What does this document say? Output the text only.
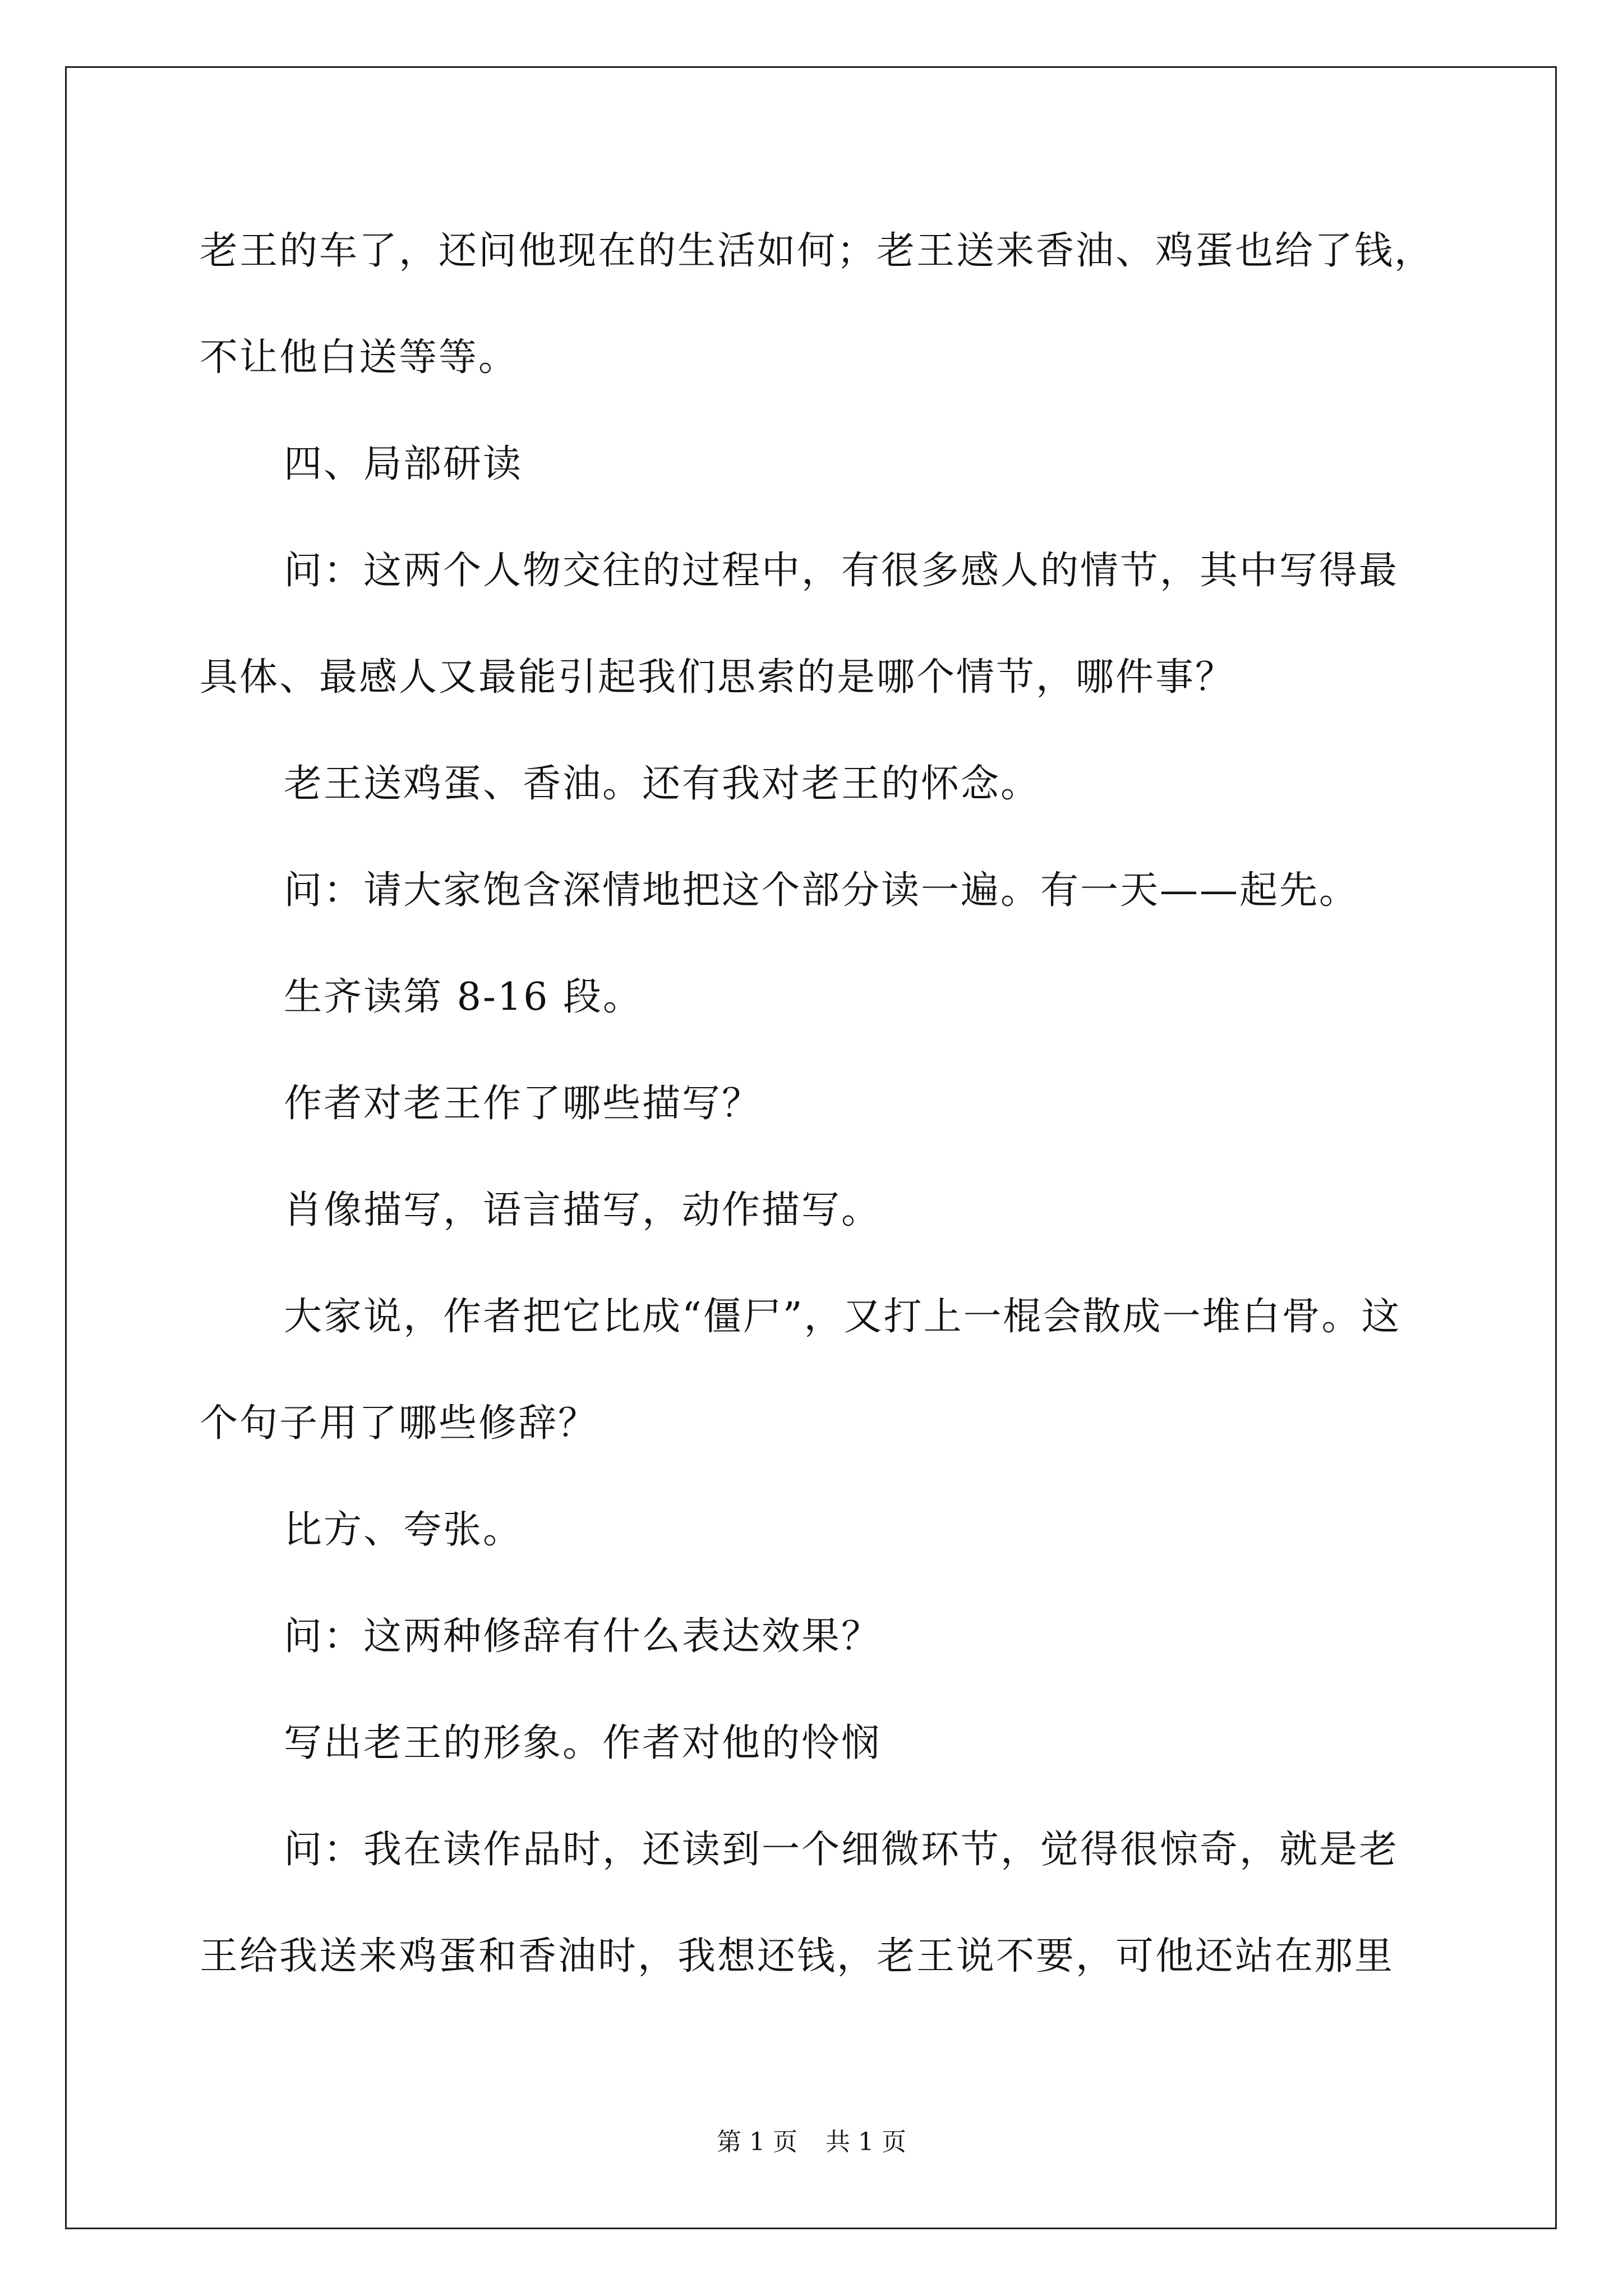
老王的车了，还问他现在的生活如何；老王送来香油、鸡蛋也给了钱，

不让他白送等等。

四、局部研读

问：这两个人物交往的过程中，有很多感人的情节，其中写得最

具体、最感人又最能引起我们思索的是哪个情节，哪件事？

老王送鸡蛋、香油。还有我对老王的怀念。

问：请大家饱含深情地把这个部分读一遍。有一天——起先。

生齐读第 8-16 段。

作者对老王作了哪些描写？

肖像描写，语言描写，动作描写。

大家说，作者把它比成“僵尸”，又打上一棍会散成一堆白骨。这

个句子用了哪些修辞？

比方、夸张。

问：这两种修辞有什么表达效果？

写出老王的形象。作者对他的怜悯

问：我在读作品时，还读到一个细微环节，觉得很惊奇，就是老

王给我送来鸡蛋和香油时，我想还钱，老王说不要，可他还站在那里

第 1 页 共 1 页
